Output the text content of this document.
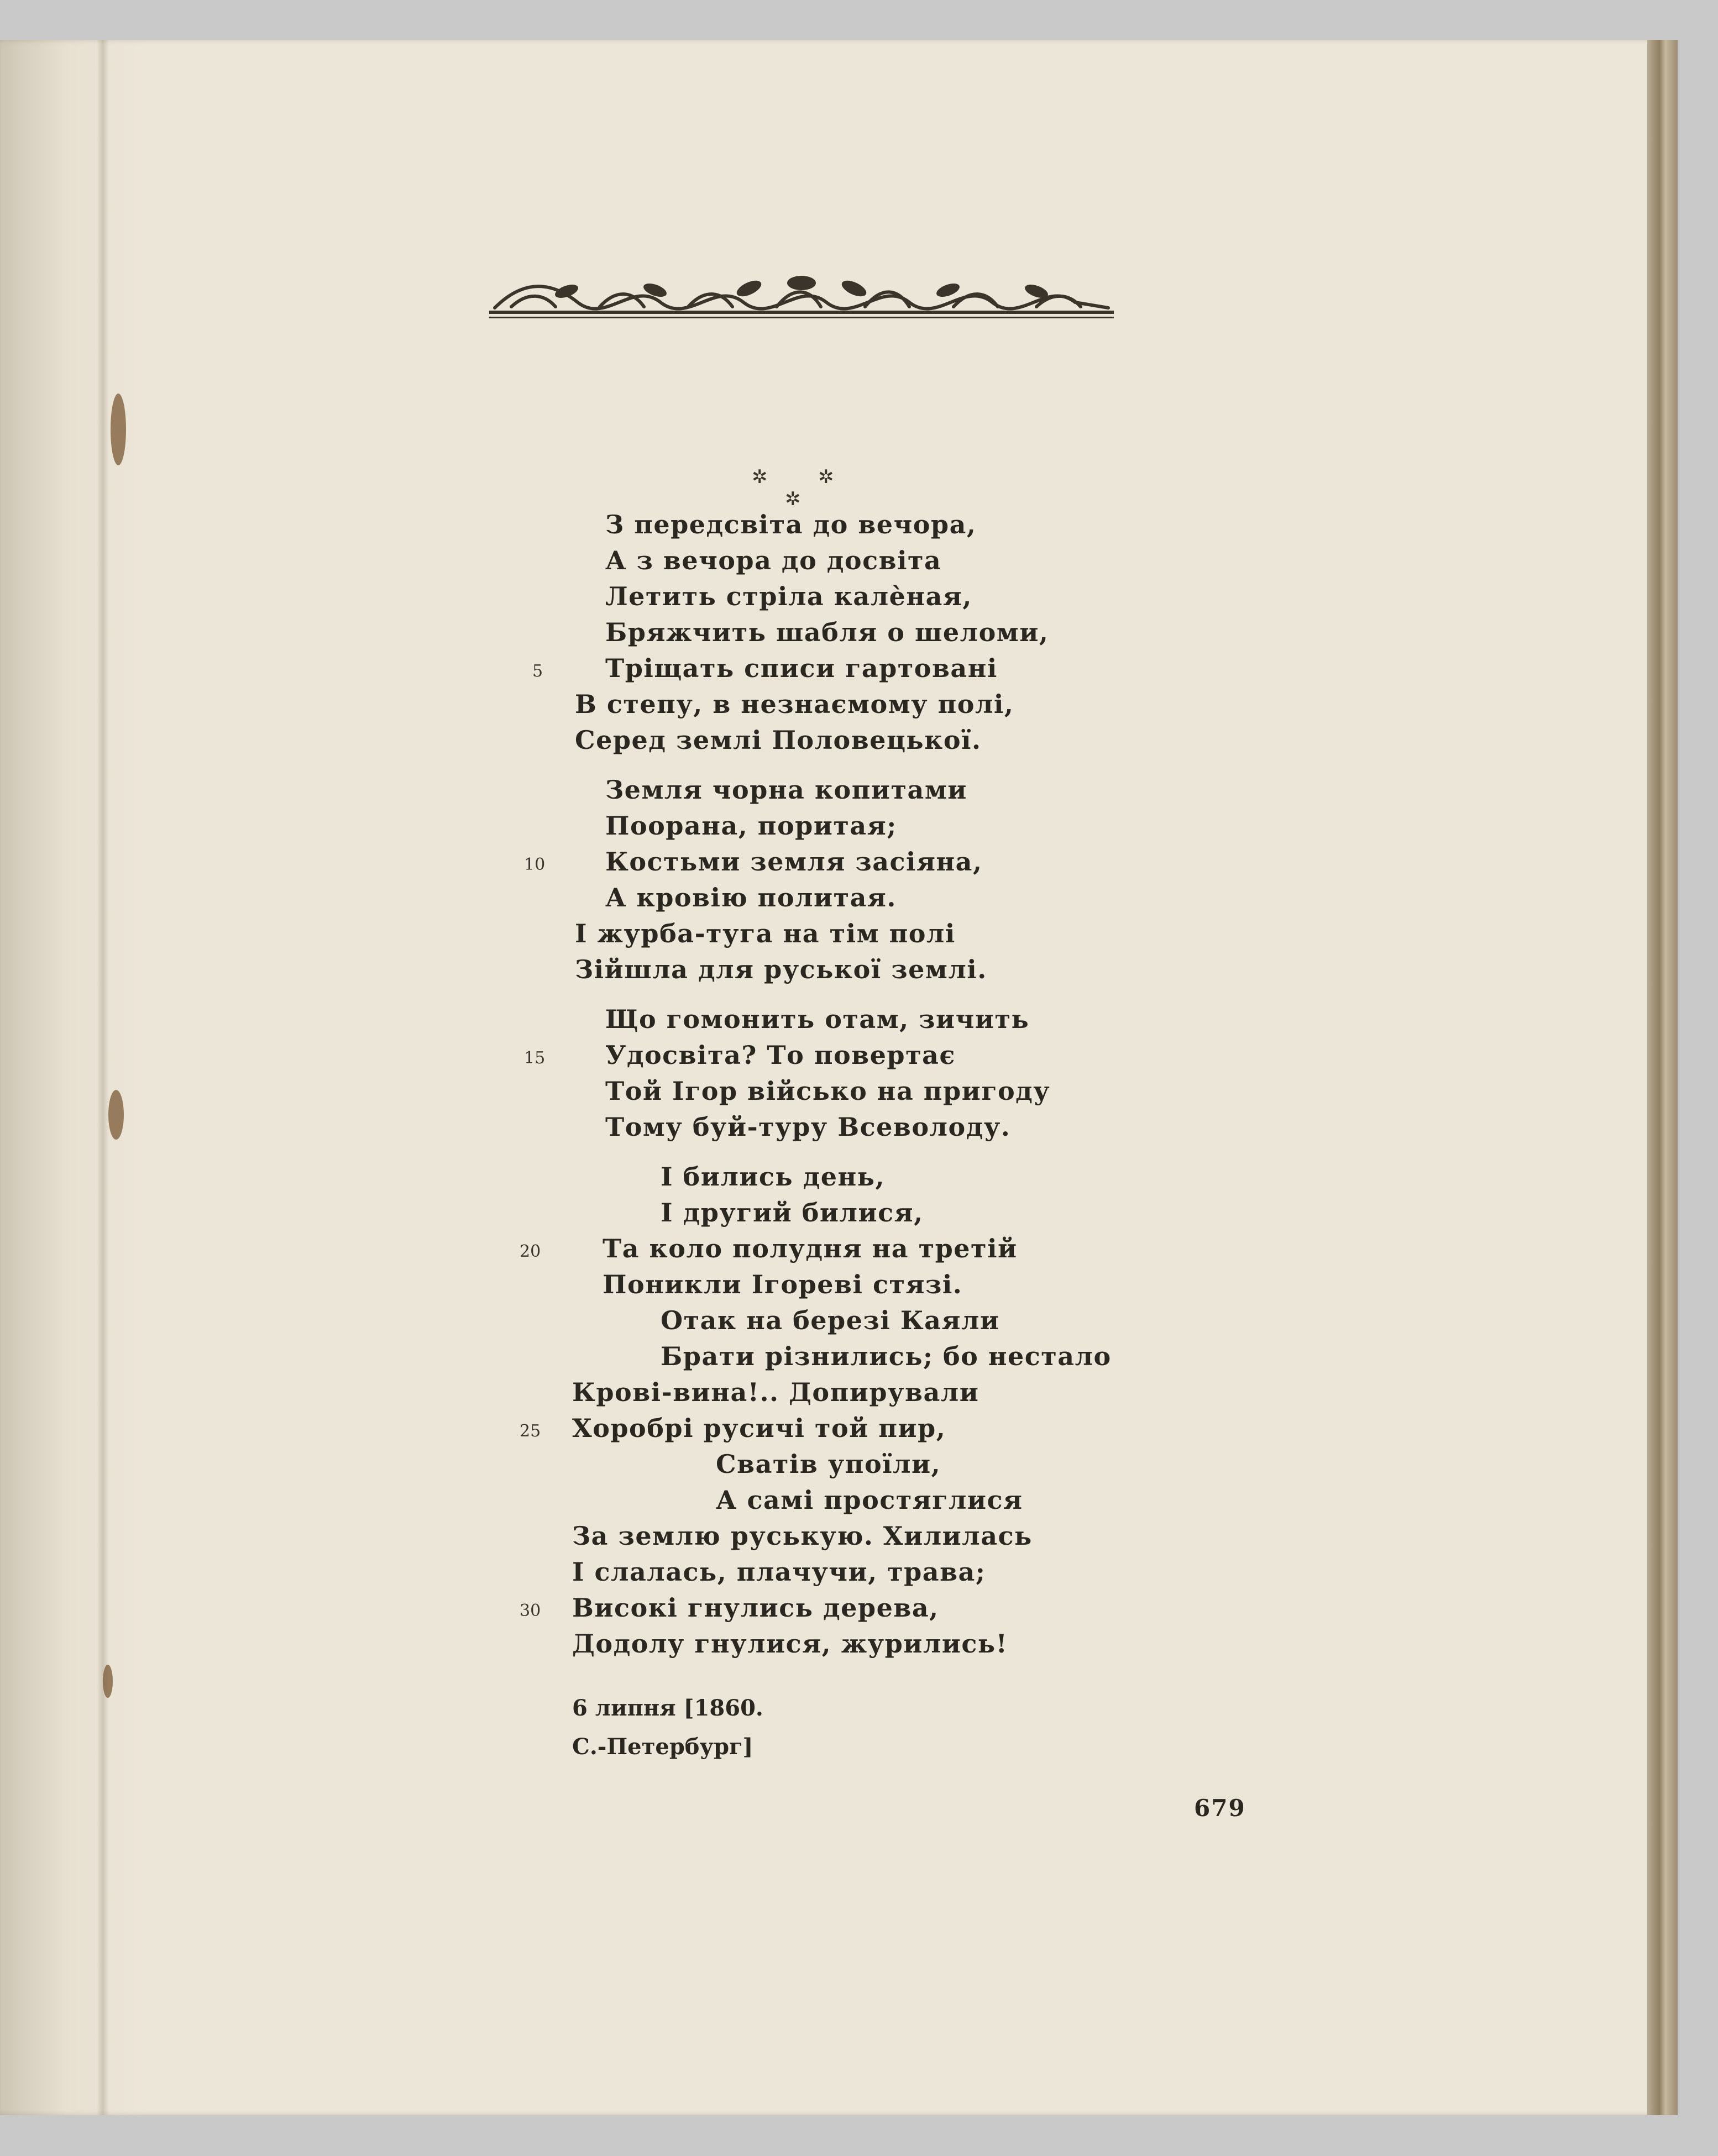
✲	✲
✲
З передсвіта до вечора,
А з вечора до досвіта
Летить стріла калѐная,
Бряжчить шабля о шеломи,
Тріщать списи гартовані
В степу, в незнаємому полі,
Серед землі Половецької.
Земля чорна копитами
Поорана, поритая;
Костьми земля засіяна,
А кровію политая.
І журба-туга на тім полі
Зійшла для руської землі.
Що гомонить отам, зичить
Удосвіта? То повертає
Той Ігор військо на пригоду
Тому буй-туру Всеволоду.
І бились день,
І другий билися,
Та коло полудня на третій
Поникли Ігореві стязі.
Отак на березі Каяли
Брати різнились; бо нестало
Крові-вина!.. Допирували
Хоробрі русичі той пир,
Сватів упоїли,
А самі простяглися
За землю руськую. Хилилась
І слалась, плачучи, трава;
Високі гнулись дерева,
Додолу гнулися, журились!
5
10
15
20
25
30
6 липня [1860.
С.-Петербург]
679
